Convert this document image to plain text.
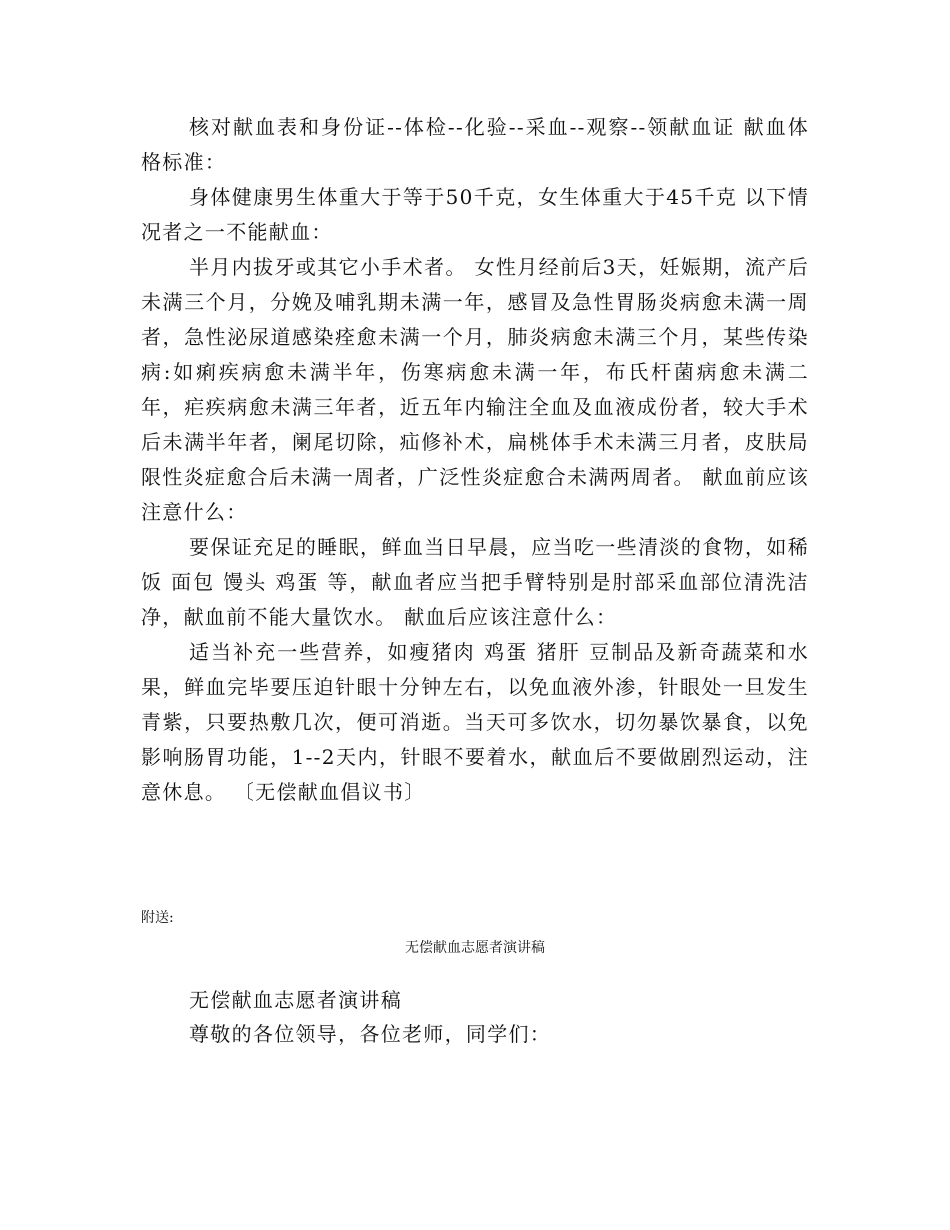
核对献血表和身份证--体检--化验--采血--观察--领献血证 献血体格标准：

身体健康男生体重大于等于50千克，女生体重大于45千克 以下情况者之一不能献血：

半月内拔牙或其它小手术者。 女性月经前后3天，妊娠期，流产后未满三个月，分娩及哺乳期未满一年，感冒及急性胃肠炎病愈未满一周者，急性泌尿道感染痊愈未满一个月，肺炎病愈未满三个月，某些传染病:如痢疾病愈未满半年，伤寒病愈未满一年，布氏杆菌病愈未满二年，疟疾病愈未满三年者，近五年内输注全血及血液成份者，较大手术后未满半年者，阑尾切除，疝修补术，扁桃体手术未满三月者，皮肤局限性炎症愈合后未满一周者，广泛性炎症愈合未满两周者。 献血前应该注意什么：

要保证充足的睡眠，鲜血当日早晨，应当吃一些清淡的食物，如稀饭 面包 馒头 鸡蛋 等，献血者应当把手臂特别是肘部采血部位清洗洁净，献血前不能大量饮水。 献血后应该注意什么：

适当补充一些营养，如瘦猪肉 鸡蛋 猪肝 豆制品及新奇蔬菜和水果，鲜血完毕要压迫针眼十分钟左右，以免血液外渗，针眼处一旦发生青紫，只要热敷几次，便可消逝。当天可多饮水，切勿暴饮暴食，以免影响肠胃功能，1--2天内，针眼不要着水，献血后不要做剧烈运动，注意休息。 〔无偿献血倡议书〕

附送:
无偿献血志愿者演讲稿

无偿献血志愿者演讲稿

尊敬的各位领导，各位老师，同学们：
